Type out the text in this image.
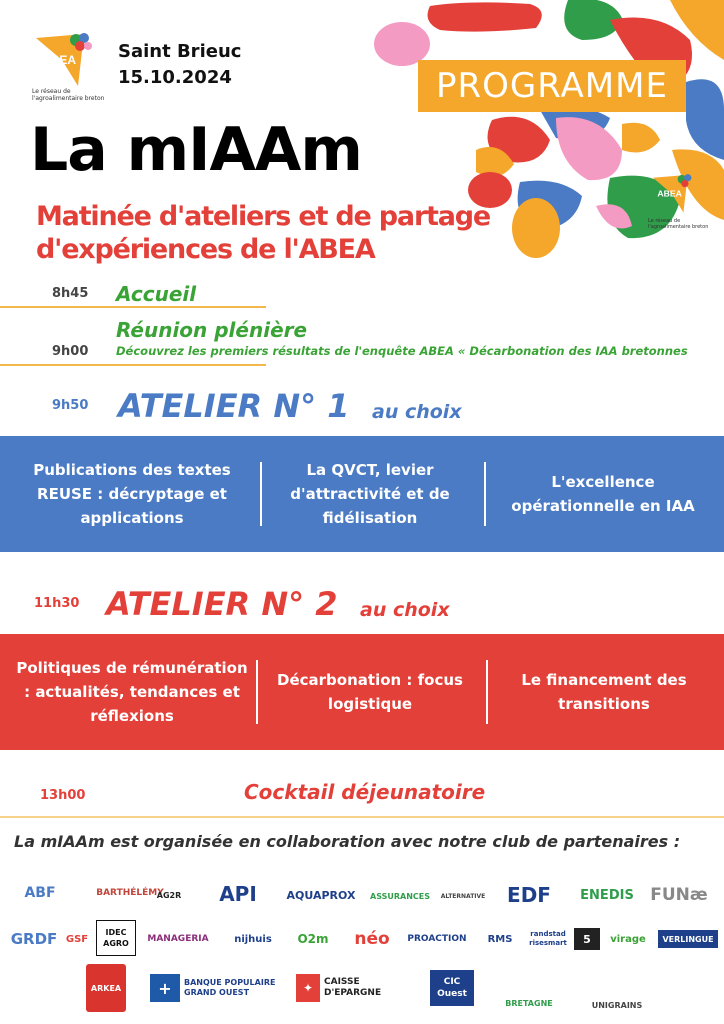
ABEA
Le réseau de l'agroalimentaire breton
Saint Brieuc
15.10.2024	PROGRAMME
ABEA
Le réseau de l'agroalimentaire breton
La mIAAm
Matinée d'ateliers et de partage d'expériences de l'ABEA
8h45 Accueil
Réunion plénière
9h00 Découvrez les premiers résultats de l'enquête ABEA « Décarbonation des IAA bretonnes
9h50 ATELIER N° 1 au choix
Publications des textes REUSE : décryptage et applications
La QVCT, levier d'attractivité et de fidélisation
L'excellence opérationnelle en IAA
11h30 ATELIER N° 2 au choix
Politiques de rémunération : actualités, tendances et réflexions
Décarbonation : focus logistique
Le financement des transitions
13h00	Cocktail déjeunatoire
La mIAAm est organisée en collaboration avec notre club de partenaires :
ABF	BARTHÉLÉMY
AG2R	API	AQUAPROX	ASSURANCES	ALTERNATIVE	EDF	ENEDIS FUNæ
GRDF GSF
IDEC AGRO	MANAGERIA	nijhuis	O2m	néo	PROACTION	RMS	randstad risesmart	5	virage	VERLINGUE
ARKEA	+	BANQUE POPULAIRE GRAND OUEST	✦	CAISSE D'EPARGNE
CIC Ouest
BRETAGNE	UNIGRAINS
